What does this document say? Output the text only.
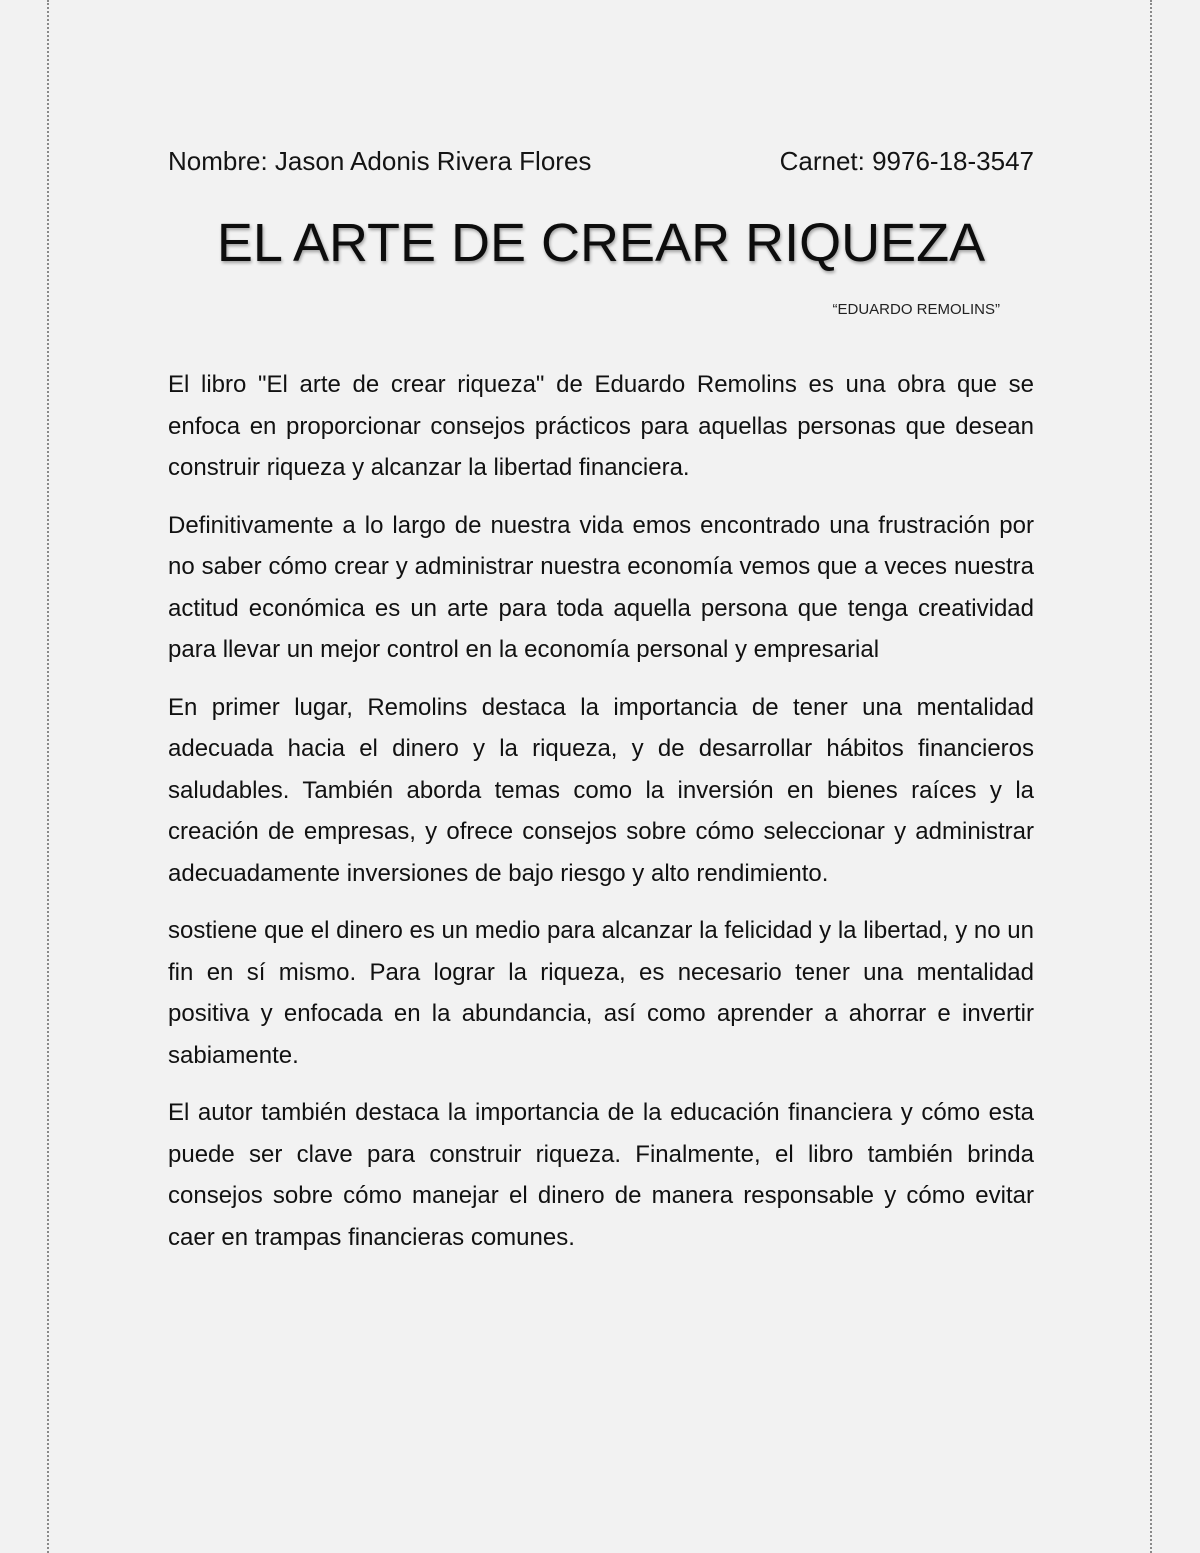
Nombre: Jason Adonis Rivera Flores	Carnet: 9976-18-3547
EL ARTE DE CREAR RIQUEZA
“EDUARDO REMOLINS”

El libro "El arte de crear riqueza" de Eduardo Remolins es una obra que se enfoca en proporcionar consejos prácticos para aquellas personas que desean construir riqueza y alcanzar la libertad financiera.

Definitivamente a lo largo de nuestra vida emos encontrado una frustración por no saber cómo crear y administrar nuestra economía vemos que a veces nuestra actitud económica es un arte para toda aquella persona que tenga creatividad para llevar un mejor control en la economía personal y empresarial

En primer lugar, Remolins destaca la importancia de tener una mentalidad adecuada hacia el dinero y la riqueza, y de desarrollar hábitos financieros saludables. También aborda temas como la inversión en bienes raíces y la creación de empresas, y ofrece consejos sobre cómo seleccionar y administrar adecuadamente inversiones de bajo riesgo y alto rendimiento.

sostiene que el dinero es un medio para alcanzar la felicidad y la libertad, y no un fin en sí mismo. Para lograr la riqueza, es necesario tener una mentalidad positiva y enfocada en la abundancia, así como aprender a ahorrar e invertir sabiamente.

El autor también destaca la importancia de la educación financiera y cómo esta puede ser clave para construir riqueza. Finalmente, el libro también brinda consejos sobre cómo manejar el dinero de manera responsable y cómo evitar caer en trampas financieras comunes.
